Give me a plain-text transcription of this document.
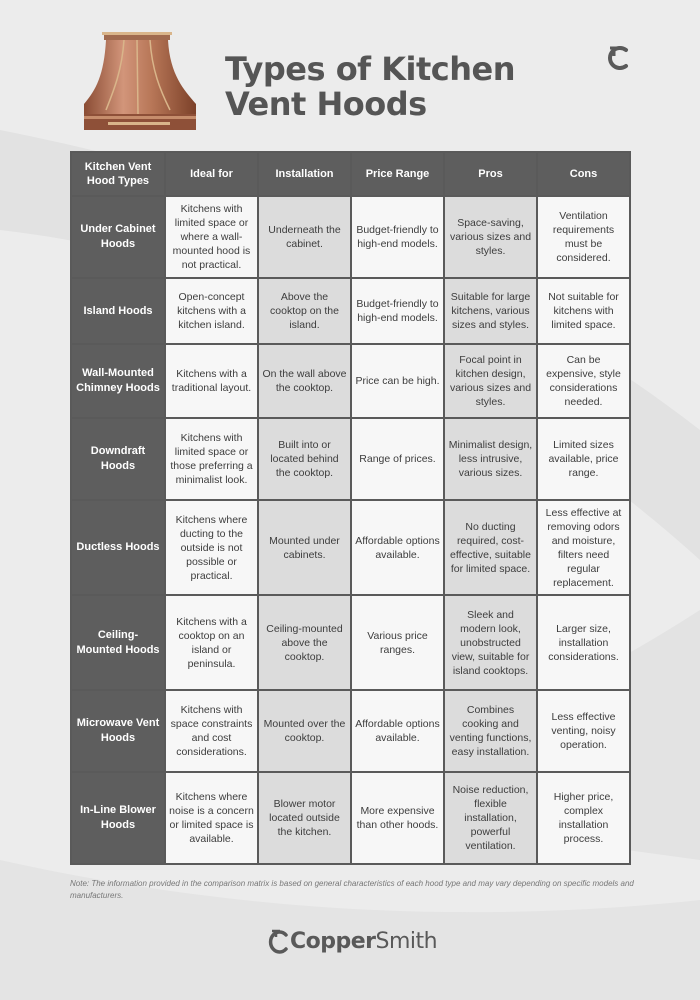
Types of Kitchen Vent Hoods
Kitchen Vent Hood Types	Ideal for	Installation	Price Range	Pros	Cons
Under Cabinet Hoods	Kitchens with limited space or where a wall-mounted hood is not practical.	Underneath the cabinet.	Budget-friendly to high-end models.	Space-saving, various sizes and styles.	Ventilation requirements must be considered.
Island Hoods	Open-concept kitchens with a kitchen island.	Above the cooktop on the island.	Budget-friendly to high-end models.	Suitable for large kitchens, various sizes and styles.	Not suitable for kitchens with limited space.
Wall-Mounted Chimney Hoods	Kitchens with a traditional layout.	On the wall above the cooktop.	Price can be high.	Focal point in kitchen design, various sizes and styles.	Can be expensive, style considerations needed.
Downdraft Hoods	Kitchens with limited space or those preferring a minimalist look.	Built into or located behind the cooktop.	Range of prices.	Minimalist design, less intrusive, various sizes.	Limited sizes available, price range.
Ductless Hoods	Kitchens where ducting to the outside is not possible or practical.	Mounted under cabinets.	Affordable options available.	No ducting required, cost-effective, suitable for limited space.	Less effective at removing odors and moisture, filters need regular replacement.
Ceiling-Mounted Hoods	Kitchens with a cooktop on an island or peninsula.	Ceiling-mounted above the cooktop.	Various price ranges.	Sleek and modern look, unobstructed view, suitable for island cooktops.	Larger size, installation considerations.
Microwave Vent Hoods	Kitchens with space constraints and cost considerations.	Mounted over the cooktop.	Affordable options available.	Combines cooking and venting functions, easy installation.	Less effective venting, noisy operation.
In-Line Blower Hoods	Kitchens where noise is a concern or limited space is available.	Blower motor located outside the kitchen.	More expensive than other hoods.	Noise reduction, flexible installation, powerful ventilation.	Higher price, complex installation process.

Note: The information provided in the comparison matrix is based on general characteristics of each hood type and may vary depending on specific models and manufacturers.

CopperSmith
